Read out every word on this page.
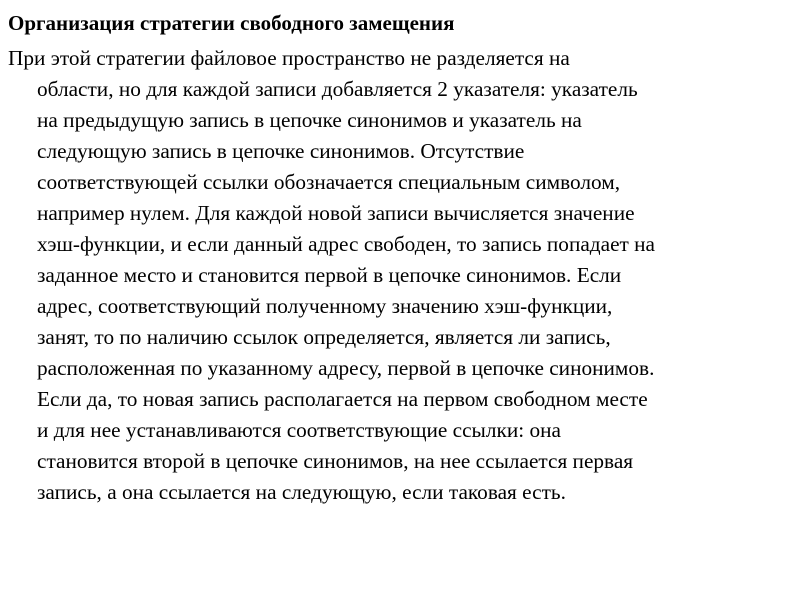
Организация стратегии свободного замещения
При этой стратегии файловое пространство не разделяется на
области, но для каждой записи добавляется 2 указателя: указатель
на предыдущую запись в цепочке синонимов и указатель на
следующую запись в цепочке синонимов. Отсутствие
соответствующей ссылки обозначается специальным символом,
например нулем. Для каждой новой записи вычисляется значение
хэш-функции, и если данный адрес свободен, то запись попадает на
заданное место и становится первой в цепочке синонимов. Если
адрес, соответствующий полученному значению хэш-функции,
занят, то по наличию ссылок определяется, является ли запись,
расположенная по указанному адресу, первой в цепочке синонимов.
Если да, то новая запись располагается на первом свободном месте
и для нее устанавливаются соответствующие ссылки: она
становится второй в цепочке синонимов, на нее ссылается первая
запись, а она ссылается на следующую, если таковая есть.
